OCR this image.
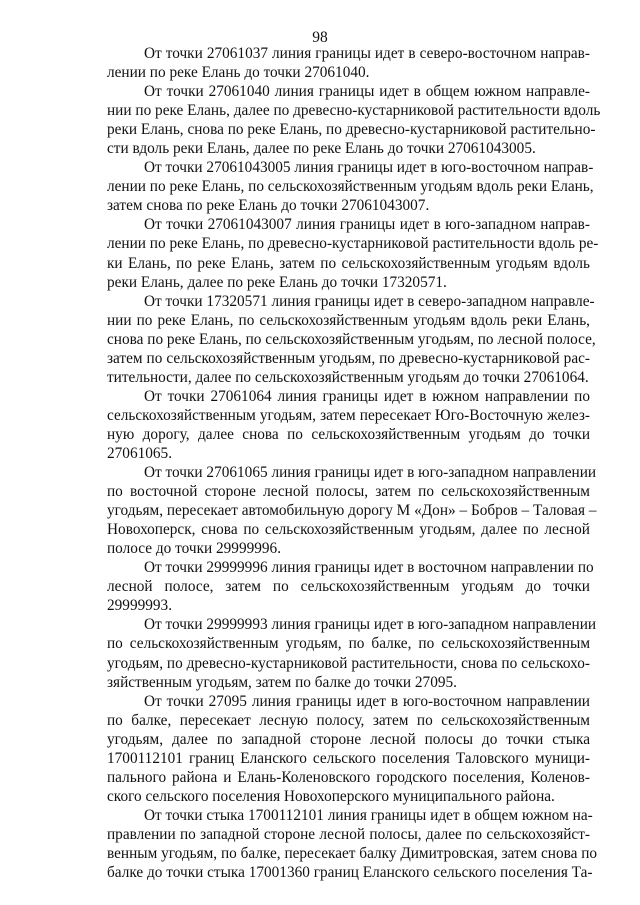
98
От точки 27061037 линия границы идет в северо-восточном направ-
лении по реке Елань до точки 27061040.
От точки 27061040 линия границы идет в общем южном направле-
нии по реке Елань, далее по древесно-кустарниковой растительности вдоль
реки Елань, снова по реке Елань, по древесно-кустарниковой растительно-
сти вдоль реки Елань, далее по реке Елань до точки 27061043005.
От точки 27061043005 линия границы идет в юго-восточном направ-
лении по реке Елань, по сельскохозяйственным угодьям вдоль реки Елань,
затем снова по реке Елань до точки 27061043007.
От точки 27061043007 линия границы идет в юго-западном направ-
лении по реке Елань, по древесно-кустарниковой растительности вдоль ре-
ки Елань, по реке Елань, затем по сельскохозяйственным угодьям вдоль
реки Елань, далее по реке Елань до точки 17320571.
От точки 17320571 линия границы идет в северо-западном направле-
нии по реке Елань, по сельскохозяйственным угодьям вдоль реки Елань,
снова по реке Елань, по сельскохозяйственным угодьям, по лесной полосе,
затем по сельскохозяйственным угодьям, по древесно-кустарниковой рас-
тительности, далее по сельскохозяйственным угодьям до точки 27061064.
От точки 27061064 линия границы идет в южном направлении по
сельскохозяйственным угодьям, затем пересекает Юго-Восточную желез-
ную дорогу, далее снова по сельскохозяйственным угодьям до точки
27061065.
От точки 27061065 линия границы идет в юго-западном направлении
по восточной стороне лесной полосы, затем по сельскохозяйственным
угодьям, пересекает автомобильную дорогу М «Дон» – Бобров – Таловая –
Новохоперск, снова по сельскохозяйственным угодьям, далее по лесной
полосе до точки 29999996.
От точки 29999996 линия границы идет в восточном направлении по
лесной полосе, затем по сельскохозяйственным угодьям до точки
29999993.
От точки 29999993 линия границы идет в юго-западном направлении
по сельскохозяйственным угодьям, по балке, по сельскохозяйственным
угодьям, по древесно-кустарниковой растительности, снова по сельскохо-
зяйственным угодьям, затем по балке до точки 27095.
От точки 27095 линия границы идет в юго-восточном направлении
по балке, пересекает лесную полосу, затем по сельскохозяйственным
угодьям, далее по западной стороне лесной полосы до точки стыка
1700112101 границ Еланского сельского поселения Таловского муници-
пального района и Елань-Коленовского городского поселения, Коленов-
ского сельского поселения Новохоперского муниципального района.
От точки стыка 1700112101 линия границы идет в общем южном на-
правлении по западной стороне лесной полосы, далее по сельскохозяйст-
венным угодьям, по балке, пересекает балку Димитровская, затем снова по
балке до точки стыка 17001360 границ Еланского сельского поселения Та-
